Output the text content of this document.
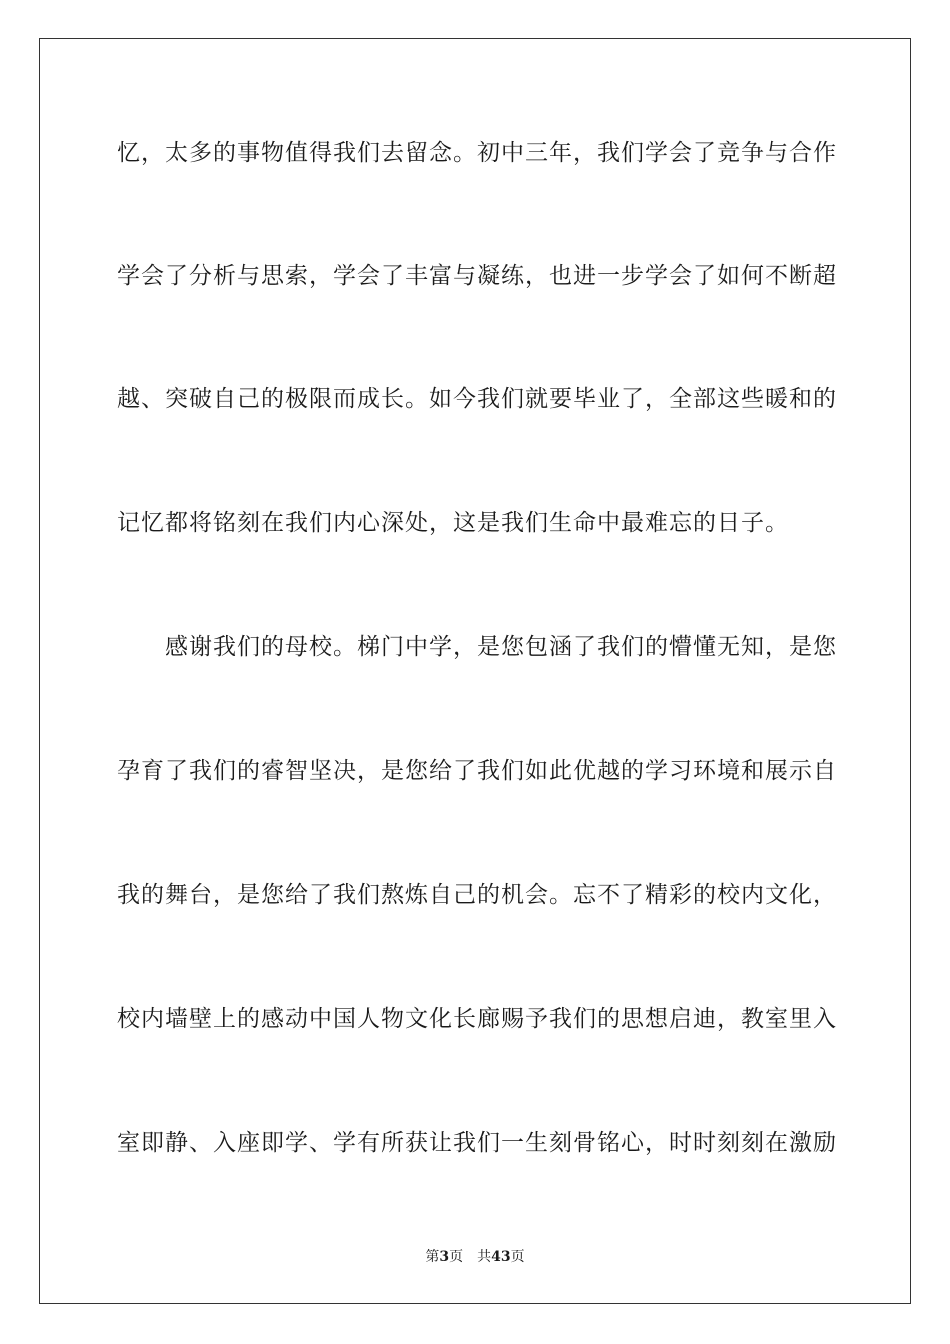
忆，太多的事物值得我们去留念。初中三年，我们学会了竞争与合作
学会了分析与思索，学会了丰富与凝练，也进一步学会了如何不断超
越、突破自己的极限而成长。如今我们就要毕业了，全部这些暖和的
记忆都将铭刻在我们内心深处，这是我们生命中最难忘的日子。
感谢我们的母校。梯门中学，是您包涵了我们的懵懂无知，是您
孕育了我们的睿智坚决，是您给了我们如此优越的学习环境和展示自
我的舞台，是您给了我们熬炼自己的机会。忘不了精彩的校内文化，
校内墙壁上的感动中国人物文化长廊赐予我们的思想启迪，教室里入
室即静、入座即学、学有所获让我们一生刻骨铭心，时时刻刻在激励
第3页 共43页
